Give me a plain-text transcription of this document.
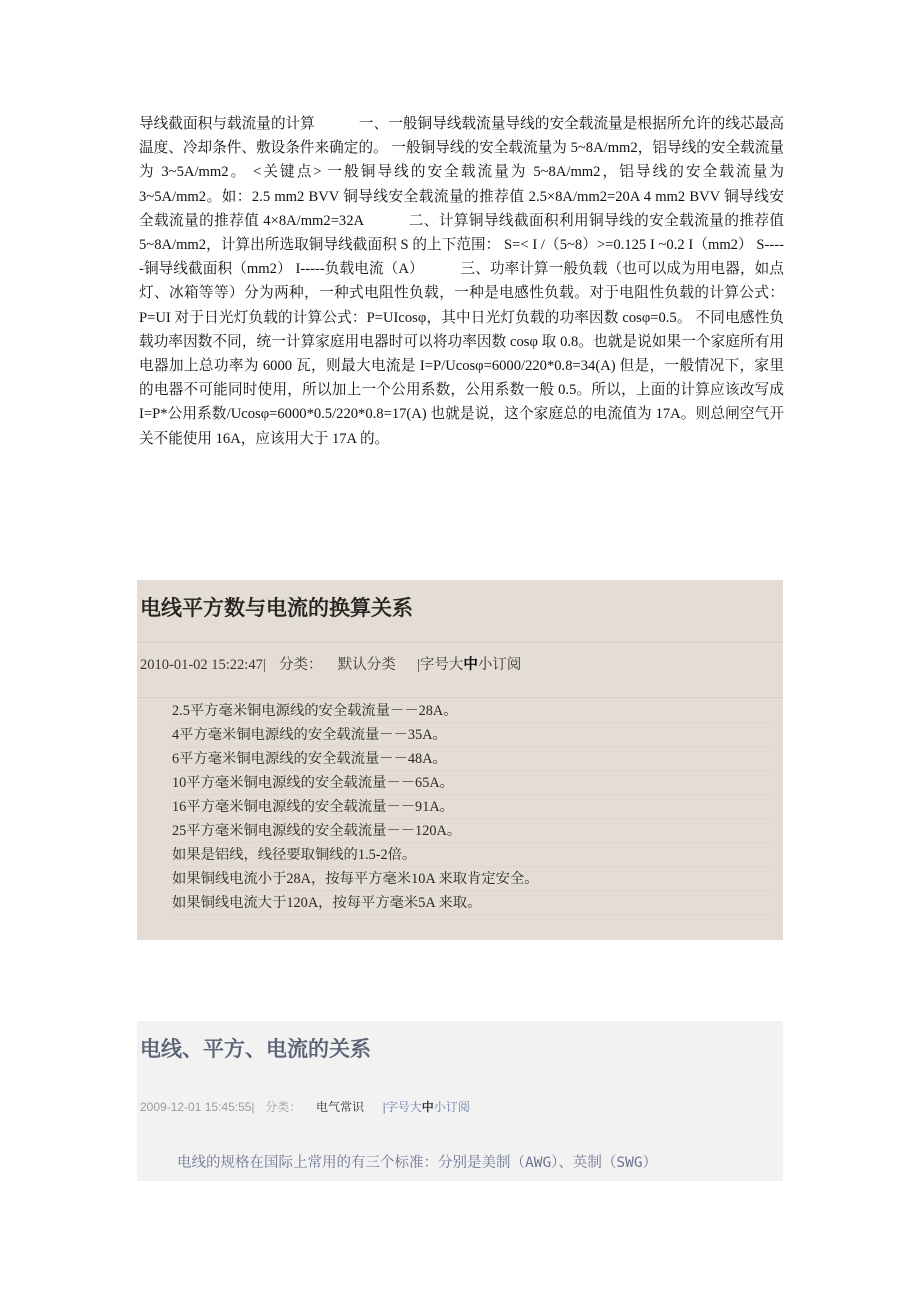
导线截面积与载流量的计算　　　一、一般铜导线载流量导线的安全载流量是根据所允许的线芯最高温度、冷却条件、敷设条件来确定的。 一般铜导线的安全载流量为 5~8A/mm2，铝导线的安全载流量为 3~5A/mm2。 <关键点> 一般铜导线的安全载流量为 5~8A/mm2，铝导线的安全载流量为 3~5A/mm2。如：2.5 mm2 BVV 铜导线安全载流量的推荐值 2.5×8A/mm2=20A 4 mm2 BVV 铜导线安全载流量的推荐值 4×8A/mm2=32A　　　二、计算铜导线截面积利用铜导线的安全载流量的推荐值 5~8A/mm2，计算出所选取铜导线截面积 S 的上下范围： S=< I /（5~8）>=0.125 I ~0.2 I（mm2） S-----铜导线截面积（mm2） I-----负载电流（A）　　　三、功率计算一般负载（也可以成为用电器，如点灯、冰箱等等）分为两种，一种式电阻性负载，一种是电感性负载。对于电阻性负载的计算公式：P=UI 对于日光灯负载的计算公式：P=UIcosφ，其中日光灯负载的功率因数 cosφ=0.5。 不同电感性负载功率因数不同，统一计算家庭用电器时可以将功率因数 cosφ 取 0.8。也就是说如果一个家庭所有用电器加上总功率为 6000 瓦，则最大电流是 I=P/Ucosφ=6000/220*0.8=34(A) 但是，一般情况下，家里的电器不可能同时使用，所以加上一个公用系数，公用系数一般 0.5。所以，上面的计算应该改写成 I=P*公用系数/Ucosφ=6000*0.5/220*0.8=17(A) 也就是说，这个家庭总的电流值为 17A。则总闸空气开关不能使用 16A，应该用大于 17A 的。

电线平方数与电流的换算关系
2010-01-02 15:22:47| 分类： 默认分类 |字号大中小订阅
2.5平方毫米铜电源线的安全载流量－－28A。
4平方毫米铜电源线的安全载流量－－35A。
6平方毫米铜电源线的安全载流量－－48A。
10平方毫米铜电源线的安全载流量－－65A。
16平方毫米铜电源线的安全载流量－－91A。
25平方毫米铜电源线的安全载流量－－120A。
如果是铝线，线径要取铜线的1.5-2倍。
如果铜线电流小于28A，按每平方毫米10A 来取肯定安全。
如果铜线电流大于120A，按每平方毫米5A 来取。
电线、平方、电流的关系
2009-12-01 15:45:55| 分类： 电气常识 |字号大中小订阅
电线的规格在国际上常用的有三个标准：分别是美制（AWG）、英制（SWG）
